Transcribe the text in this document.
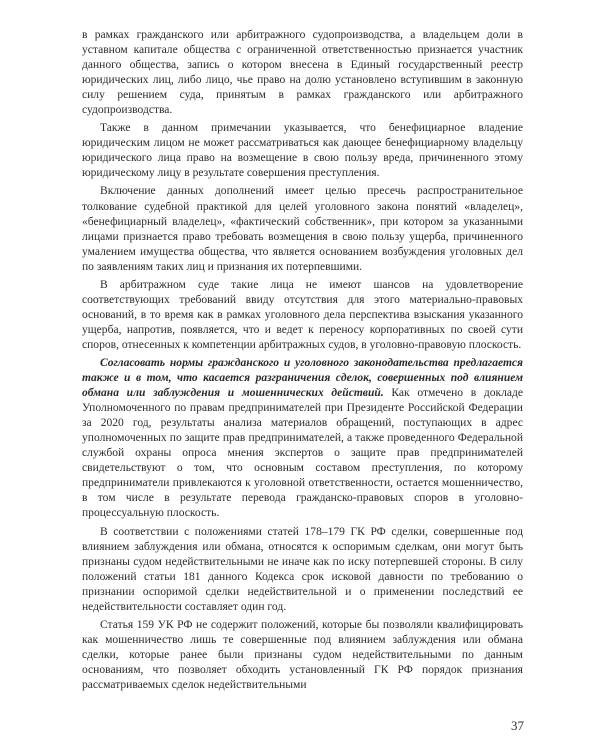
в рамках гражданского или арбитражного судопроизводства, а владельцем доли в уставном капитале общества с ограниченной ответственностью признается участник данного общества, запись о котором внесена в Единый государственный реестр юридических лиц, либо лицо, чье право на долю установлено вступившим в законную силу решением суда, принятым в рамках гражданского или арбитражного судопроизводства.

Также в данном примечании указывается, что бенефициарное владение юридическим лицом не может рассматриваться как дающее бенефициарному владельцу юридического лица право на возмещение в свою пользу вреда, причиненного этому юридическому лицу в результате совершения преступления.

Включение данных дополнений имеет целью пресечь распространительное толкование судебной практикой для целей уголовного закона понятий «владелец», «бенефициарный владелец», «фактический собственник», при котором за указанными лицами признается право требовать возмещения в свою пользу ущерба, причиненного умалением имущества общества, что является основанием возбуждения уголовных дел по заявлениям таких лиц и признания их потерпевшими.

В арбитражном суде такие лица не имеют шансов на удовлетворение соответствующих требований ввиду отсутствия для этого материально-правовых оснований, в то время как в рамках уголовного дела перспектива взыскания указанного ущерба, напротив, появляется, что и ведет к переносу корпоративных по своей сути споров, отнесенных к компетенции арбитражных судов, в уголовно-правовую плоскость.

Согласовать нормы гражданского и уголовного законодательства предлагается также и в том, что касается разграничения сделок, совершенных под влиянием обмана или заблуждения и мошеннических действий. Как отмечено в докладе Уполномоченного по правам предпринимателей при Президенте Российской Федерации за 2020 год, результаты анализа материалов обращений, поступающих в адрес уполномоченных по защите прав предпринимателей, а также проведенного Федеральной службой охраны опроса мнения экспертов о защите прав предпринимателей свидетельствуют о том, что основным составом преступления, по которому предприниматели привлекаются к уголовной ответственности, остается мошенничество, в том числе в результате перевода гражданско-правовых споров в уголовно-процессуальную плоскость.

В соответствии с положениями статей 178–179 ГК РФ сделки, совершенные под влиянием заблуждения или обмана, относятся к оспоримым сделкам, они могут быть признаны судом недействительными не иначе как по иску потерпевшей стороны. В силу положений статьи 181 данного Кодекса срок исковой давности по требованию о признании оспоримой сделки недействительной и о применении последствий ее недействительности составляет один год.

Статья 159 УК РФ не содержит положений, которые бы позволяли квалифицировать как мошенничество лишь те совершенные под влиянием заблуждения или обмана сделки, которые ранее были признаны судом недействительными по данным основаниям, что позволяет обходить установленный ГК РФ порядок признания рассматриваемых сделок недействительными

37
